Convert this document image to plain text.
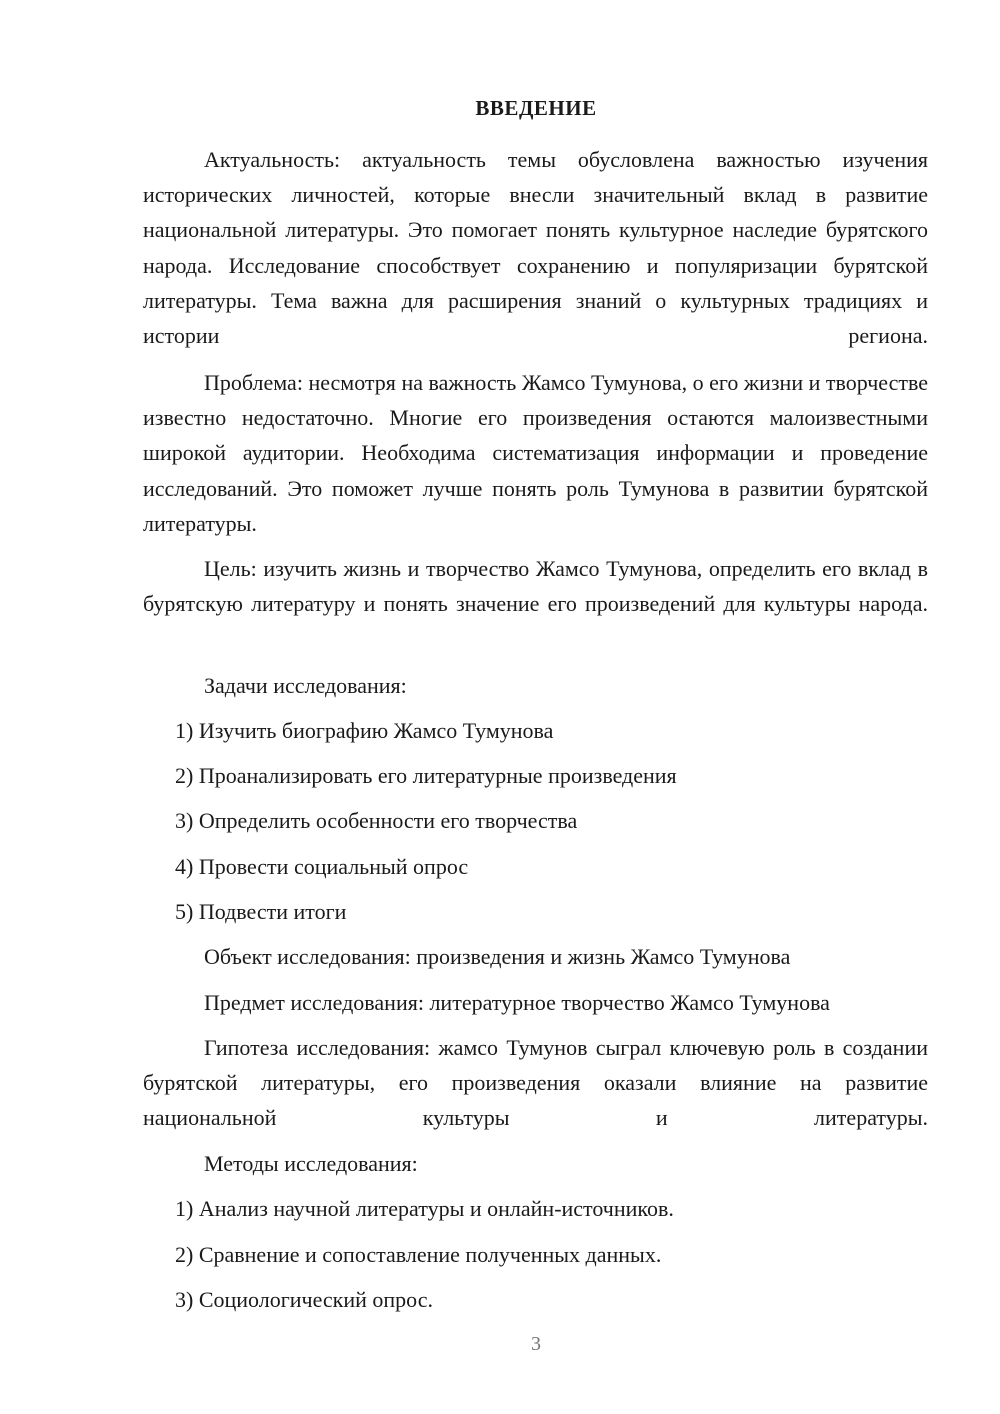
ВВЕДЕНИЕ

Актуальность: актуальность темы обусловлена важностью изучения исторических личностей, которые внесли значительный вклад в развитие национальной литературы. Это помогает понять культурное наследие бурятского народа. Исследование способствует сохранению и популяризации бурятской литературы. Тема важна для расширения знаний о культурных традициях и истории региона.

Проблема: несмотря на важность Жамсо Тумунова, о его жизни и творчестве известно недостаточно. Многие его произведения остаются малоизвестными широкой аудитории. Необходима систематизация информации и проведение исследований. Это поможет лучше понять роль Тумунова в развитии бурятской литературы.

Цель: изучить жизнь и творчество Жамсо Тумунова, определить его вклад в бурятскую литературу и понять значение его произведений для культуры народа.

Задачи исследования:
1) Изучить биографию Жамсо Тумунова
2) Проанализировать его литературные произведения
3) Определить особенности его творчества
4) Провести социальный опрос
5) Подвести итоги
Объект исследования: произведения и жизнь Жамсо Тумунова
Предмет исследования: литературное творчество Жамсо Тумунова

Гипотеза исследования: жамсо Тумунов сыграл ключевую роль в создании бурятской литературы, его произведения оказали влияние на развитие национальной культуры и литературы.

Методы исследования:
1) Анализ научной литературы и онлайн-источников.
2) Сравнение и сопоставление полученных данных.
3) Социологический опрос.
3
